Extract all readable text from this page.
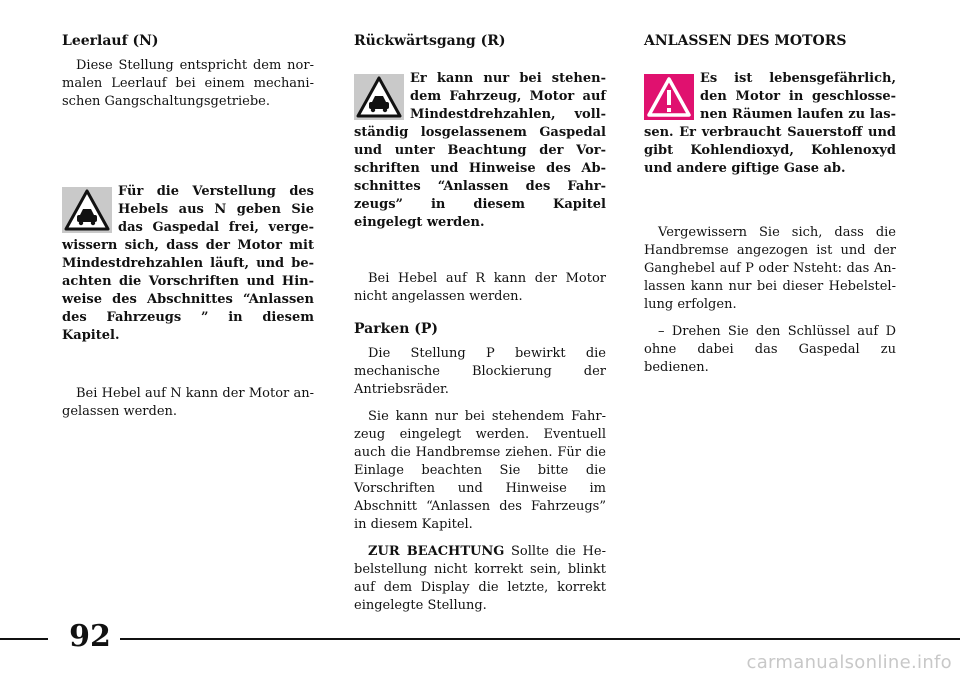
Leerlauf (N)

Diese Stellung entspricht dem normalen Leerlauf bei einem mechanischen Gangschaltungsgetriebe.

Für die Verstellung des Hebels aus N geben Sie das Gaspedal frei, vergewissern sich, dass der Motor mit Mindestdrehzahlen läuft, und beachten die Vorschriften und Hinweise des Abschnittes “Anlassen des Fahrzeugs ” in diesem Kapitel.

Bei Hebel auf N kann der Motor angelassen werden.

Rückwärtsgang (R)
Er kann nur bei stehendem Fahrzeug, Motor auf Mindestdrehzahlen, vollständig losgelassenem Gaspedal und unter Beachtung der Vorschriften und Hinweise des Abschnittes “Anlassen des Fahrzeugs” in diesem Kapitel eingelegt werden.

Bei Hebel auf R kann der Motor nicht angelassen werden.

Parken (P)

Die Stellung P bewirkt die mechanische Blockierung der Antriebsräder.

Sie kann nur bei stehendem Fahrzeug eingelegt werden. Eventuell auch die Handbremse ziehen. Für die Einlage beachten Sie bitte die Vorschriften und Hinweise im Abschnitt “Anlassen des Fahrzeugs” in diesem Kapitel.

ZUR BEACHTUNG Sollte die Hebelstellung nicht korrekt sein, blinkt auf dem Display die letzte, korrekt eingelegte Stellung.

ANLASSEN DES MOTORS
Es ist lebensgefährlich, den Motor in geschlossenen Räumen laufen zu lassen. Er verbraucht Sauerstoff und gibt Kohlendioxyd, Kohlenoxyd und andere giftige Gase ab.

Vergewissern Sie sich, dass die Handbremse angezogen ist und der Ganghebel auf P oder Nsteht: das Anlassen kann nur bei dieser Hebelstellung erfolgen.

– Drehen Sie den Schlüssel auf D ohne dabei das Gaspedal zu bedienen.

92
carmanualsonline.info
